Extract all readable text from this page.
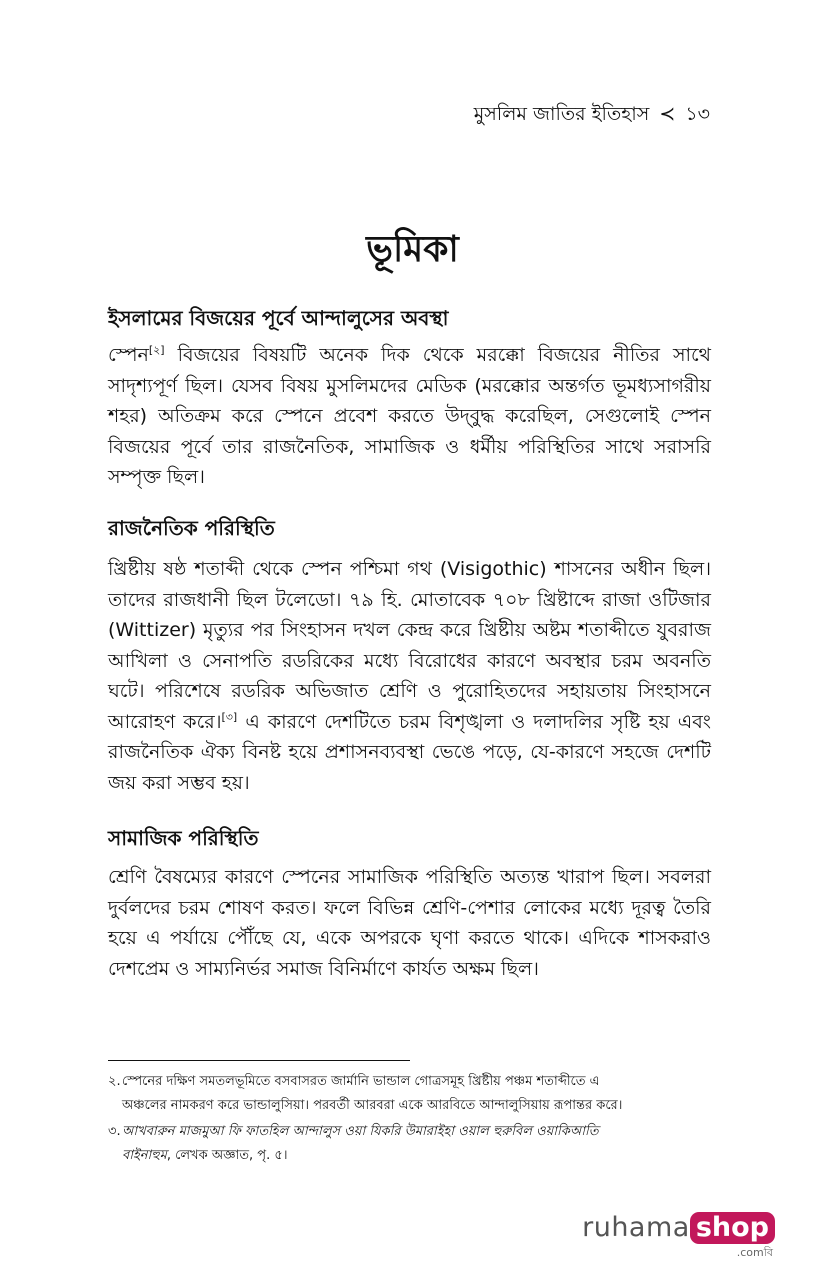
মুসলিম জাতির ইতিহাস ≺ ১৩
ভূমিকা
ইসলামের বিজয়ের পূর্বে আন্দালুসের অবস্থা

স্পেন[২] বিজয়ের বিষয়টি অনেক দিক থেকে মরক্কো বিজয়ের নীতির সাথে সাদৃশ্যপূর্ণ ছিল। যেসব বিষয় মুসলিমদের মেডিক (মরক্কোর অন্তর্গত ভূমধ্যসাগরীয় শহর) অতিক্রম করে স্পেনে প্রবেশ করতে উদ্‌বুদ্ধ করেছিল, সেগুলোই স্পেন বিজয়ের পূর্বে তার রাজনৈতিক, সামাজিক ও ধর্মীয় পরিস্থিতির সাথে সরাসরি সম্পৃক্ত ছিল।

রাজনৈতিক পরিস্থিতি

খ্রিষ্টীয় ষষ্ঠ শতাব্দী থেকে স্পেন পশ্চিমা গথ (Visigothic) শাসনের অধীন ছিল। তাদের রাজধানী ছিল টলেডো। ৭৯ হি. মোতাবেক ৭০৮ খ্রিষ্টাব্দে রাজা ওটিজার (Wittizer) মৃত্যুর পর সিংহাসন দখল কেন্দ্র করে খ্রিষ্টীয় অষ্টম শতাব্দীতে যুবরাজ আখিলা ও সেনাপতি রডরিকের মধ্যে বিরোধের কারণে অবস্থার চরম অবনতি ঘটে। পরিশেষে রডরিক অভিজাত শ্রেণি ও পুরোহিতদের সহায়তায় সিংহাসনে আরোহণ করে।[৩] এ কারণে দেশটিতে চরম বিশৃঙ্খলা ও দলাদলির সৃষ্টি হয় এবং রাজনৈতিক ঐক্য বিনষ্ট হয়ে প্রশাসনব্যবস্থা ভেঙে পড়ে, যে-কারণে সহজে দেশটি জয় করা সম্ভব হয়।

সামাজিক পরিস্থিতি

শ্রেণি বৈষম্যের কারণে স্পেনের সামাজিক পরিস্থিতি অত্যন্ত খারাপ ছিল। সবলরা দুর্বলদের চরম শোষণ করত। ফলে বিভিন্ন শ্রেণি-পেশার লোকের মধ্যে দূরত্ব তৈরি হয়ে এ পর্যায়ে পৌঁছে যে, একে অপরকে ঘৃণা করতে থাকে। এদিকে শাসকরাও দেশপ্রেম ও সাম্যনির্ভর সমাজ বিনির্মাণে কার্যত অক্ষম ছিল।

২.স্পেনের দক্ষিণ সমতলভূমিতে বসবাসরত জার্মানি ভান্ডাল গোত্রসমূহ খ্রিষ্টীয় পঞ্চম শতাব্দীতে এ
অঞ্চলের নামকরণ করে ভান্ডালুসিয়া। পরবর্তী আরবরা একে আরবিতে আন্দালুসিয়ায় রূপান্তর করে।

৩.আখবারুন মাজমুআ ফি ফাতহিল আন্দালুস ওয়া যিকরি উমারাইহা ওয়াল হুরুবিল ওয়াকিআতি
বাইনাহুম, লেখক অজ্ঞাত, পৃ. ৫।

ruhama shop
.comবি
